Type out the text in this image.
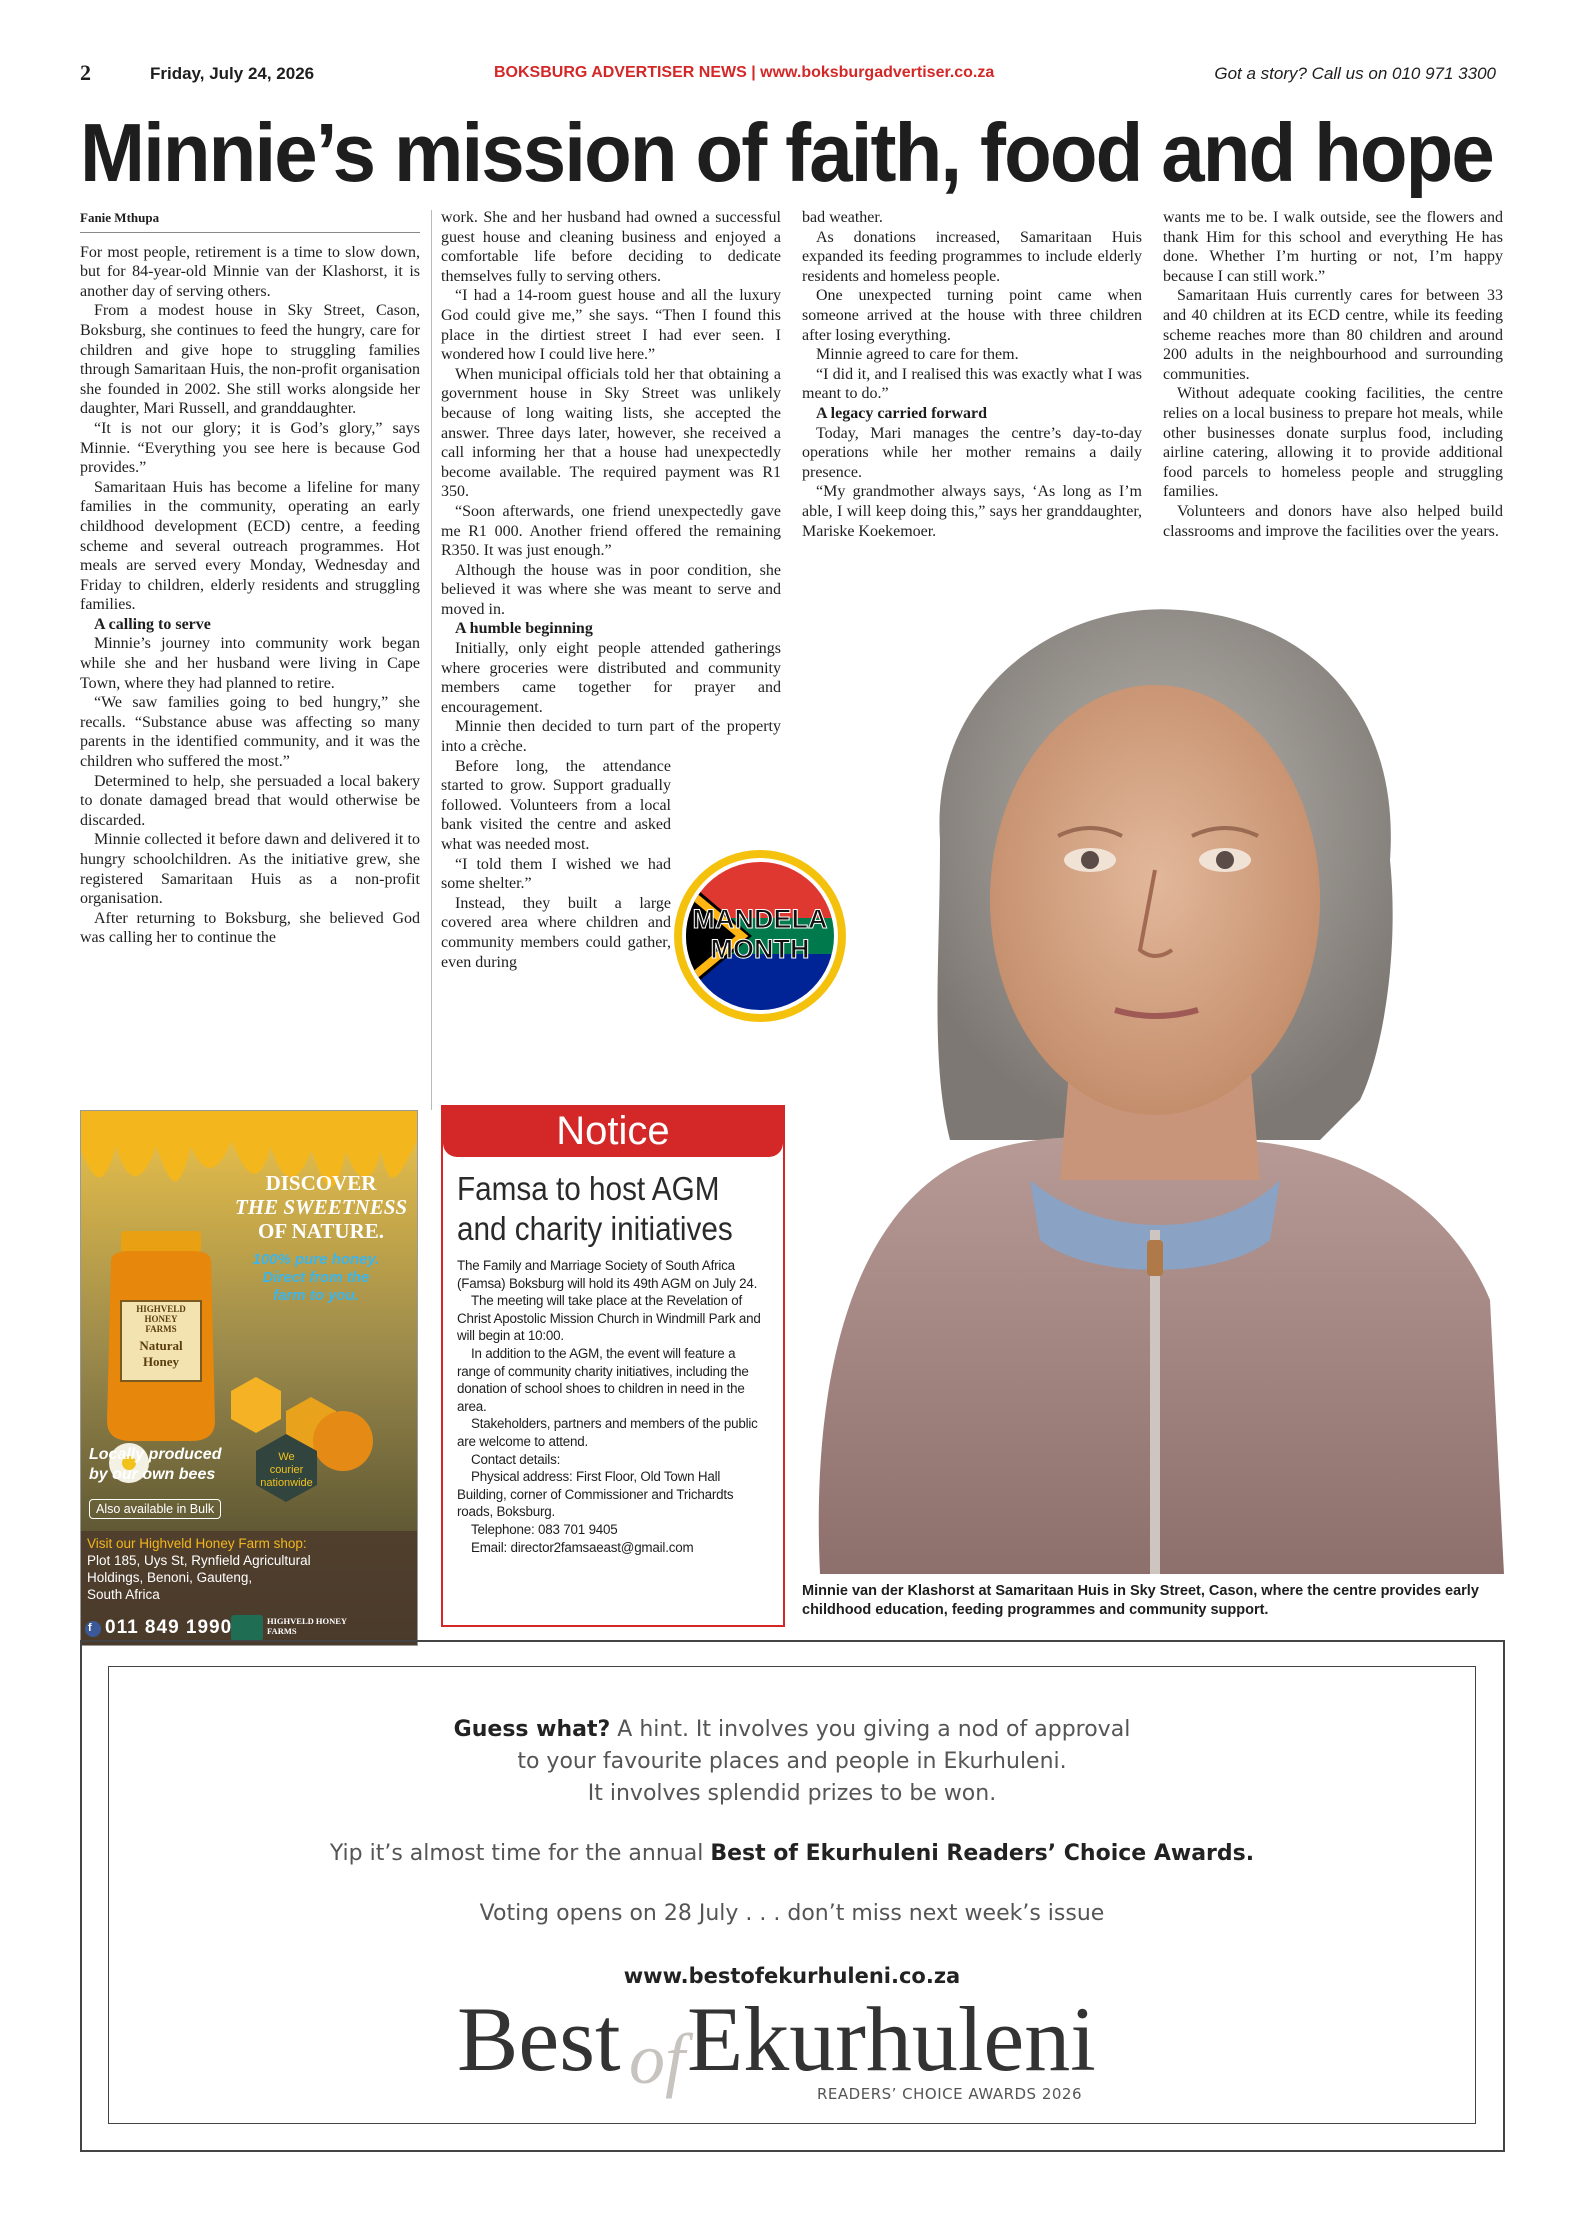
2	Friday, July 24, 2026	BOKSBURG ADVERTISER NEWS | www.boksburgadvertiser.co.za	Got a story? Call us on 010 971 3300
Minnie’s mission of faith, food and hope
Fanie Mthupa

For most people, retirement is a time to slow down, but for 84-year-old Minnie van der Klashorst, it is another day of serving others.

From a modest house in Sky Street, Cason, Boksburg, she continues to feed the hungry, care for children and give hope to struggling families through Samaritaan Huis, the non-profit organisation she founded in 2002. She still works alongside her daughter, Mari Russell, and granddaughter.

“It is not our glory; it is God’s glory,” says Minnie. “Everything you see here is because God provides.”

Samaritaan Huis has become a lifeline for many families in the community, operating an early childhood development (ECD) centre, a feeding scheme and several outreach programmes. Hot meals are served every Monday, Wednesday and Friday to children, elderly residents and struggling families.

A calling to serve

Minnie’s journey into community work began while she and her husband were living in Cape Town, where they had planned to retire.

“We saw families going to bed hungry,” she recalls. “Substance abuse was affecting so many parents in the identified community, and it was the children who suffered the most.”

Determined to help, she persuaded a local bakery to donate damaged bread that would otherwise be discarded.

Minnie collected it before dawn and delivered it to hungry schoolchildren. As the initiative grew, she registered Samaritaan Huis as a non-profit organisation.

After returning to Boksburg, she believed God was calling her to continue the

work. She and her husband had owned a successful guest house and cleaning business and enjoyed a comfortable life before deciding to dedicate themselves fully to serving others.

“I had a 14-room guest house and all the luxury God could give me,” she says. “Then I found this place in the dirtiest street I had ever seen. I wondered how I could live here.”

When municipal officials told her that obtaining a government house in Sky Street was unlikely because of long waiting lists, she accepted the answer. Three days later, however, she received a call informing her that a house had unexpectedly become available. The required payment was R1 350.

“Soon afterwards, one friend unexpectedly gave me R1 000. Another friend offered the remaining R350. It was just enough.”

Although the house was in poor condition, she believed it was where she was meant to serve and moved in.

A humble beginning

Initially, only eight people attended gatherings where groceries were distributed and community members came together for prayer and encouragement.

Minnie then decided to turn part of the property into a crèche.

Before long, the attendance started to grow. Support gradually followed. Volunteers from a local bank visited the centre and asked what was needed most.

“I told them I wished we had some shelter.”

Instead, they built a large covered area where children and community members could gather, even during

bad weather.

As donations increased, Samaritaan Huis expanded its feeding programmes to include elderly residents and homeless people.

One unexpected turning point came when someone arrived at the house with three children after losing everything.

Minnie agreed to care for them.

“I did it, and I realised this was exactly what I was meant to do.”

A legacy carried forward

Today, Mari manages the centre’s day-to-day operations while her mother remains a daily presence.

“My grandmother always says, ‘As long as I’m able, I will keep doing this,” says her granddaughter, Mariske Koekemoer.

wants me to be. I walk outside, see the flowers and thank Him for this school and everything He has done. Whether I’m hurting or not, I’m happy because I can still work.”

Samaritaan Huis currently cares for between 33 and 40 children at its ECD centre, while its feeding scheme reaches more than 80 children and around 200 adults in the neighbourhood and surrounding communities.

Without adequate cooking facilities, the centre relies on a local business to prepare hot meals, while other businesses donate surplus food, including airline catering, allowing it to provide additional food parcels to homeless people and struggling families.

Volunteers and donors have also helped build classrooms and improve the facilities over the years.

Minnie van der Klashorst at Samaritaan Huis in Sky Street, Cason, where the centre provides early childhood education, feeding programmes and community support.
MANDELA
MONTH
DISCOVER
THE SWEETNESS
OF NATURE.
100% pure honey.
Direct from the
farm to you.
HIGHVELD
HONEY
FARMS
Natural
Honey
Locally produced
by our own bees
We
courier
nationwide
Also available in Bulk
Visit our Highveld Honey Farm shop:
Plot 185, Uys St, Rynfield Agricultural
Holdings, Benoni, Gauteng,
South Africa
011 849 1990
f
HIGHVELD HONEY
FARMS
Notice
Famsa to host AGM and charity initiatives

The Family and Marriage Society of South Africa (Famsa) Boksburg will hold its 49th AGM on July 24.

The meeting will take place at the Revelation of Christ Apostolic Mission Church in Windmill Park and will begin at 10:00.

In addition to the AGM, the event will feature a range of community charity initiatives, including the donation of school shoes to children in need in the area.

Stakeholders, partners and members of the public are welcome to attend.

Contact details:

Physical address: First Floor, Old Town Hall Building, corner of Commissioner and Trichardts roads, Boksburg.

Telephone: 083 701 9405

Email: director2famsaeast@gmail.com

Guess what? A hint. It involves you giving a nod of approval
to your favourite places and people in Ekurhuleni.
It involves splendid prizes to be won.
Yip it’s almost time for the annual Best of Ekurhuleni Readers’ Choice Awards.
Voting opens on 28 July . . . don’t miss next week’s issue
www.bestofekurhuleni.co.za
Best of Ekurhuleni
READERS’ CHOICE AWARDS 2026
